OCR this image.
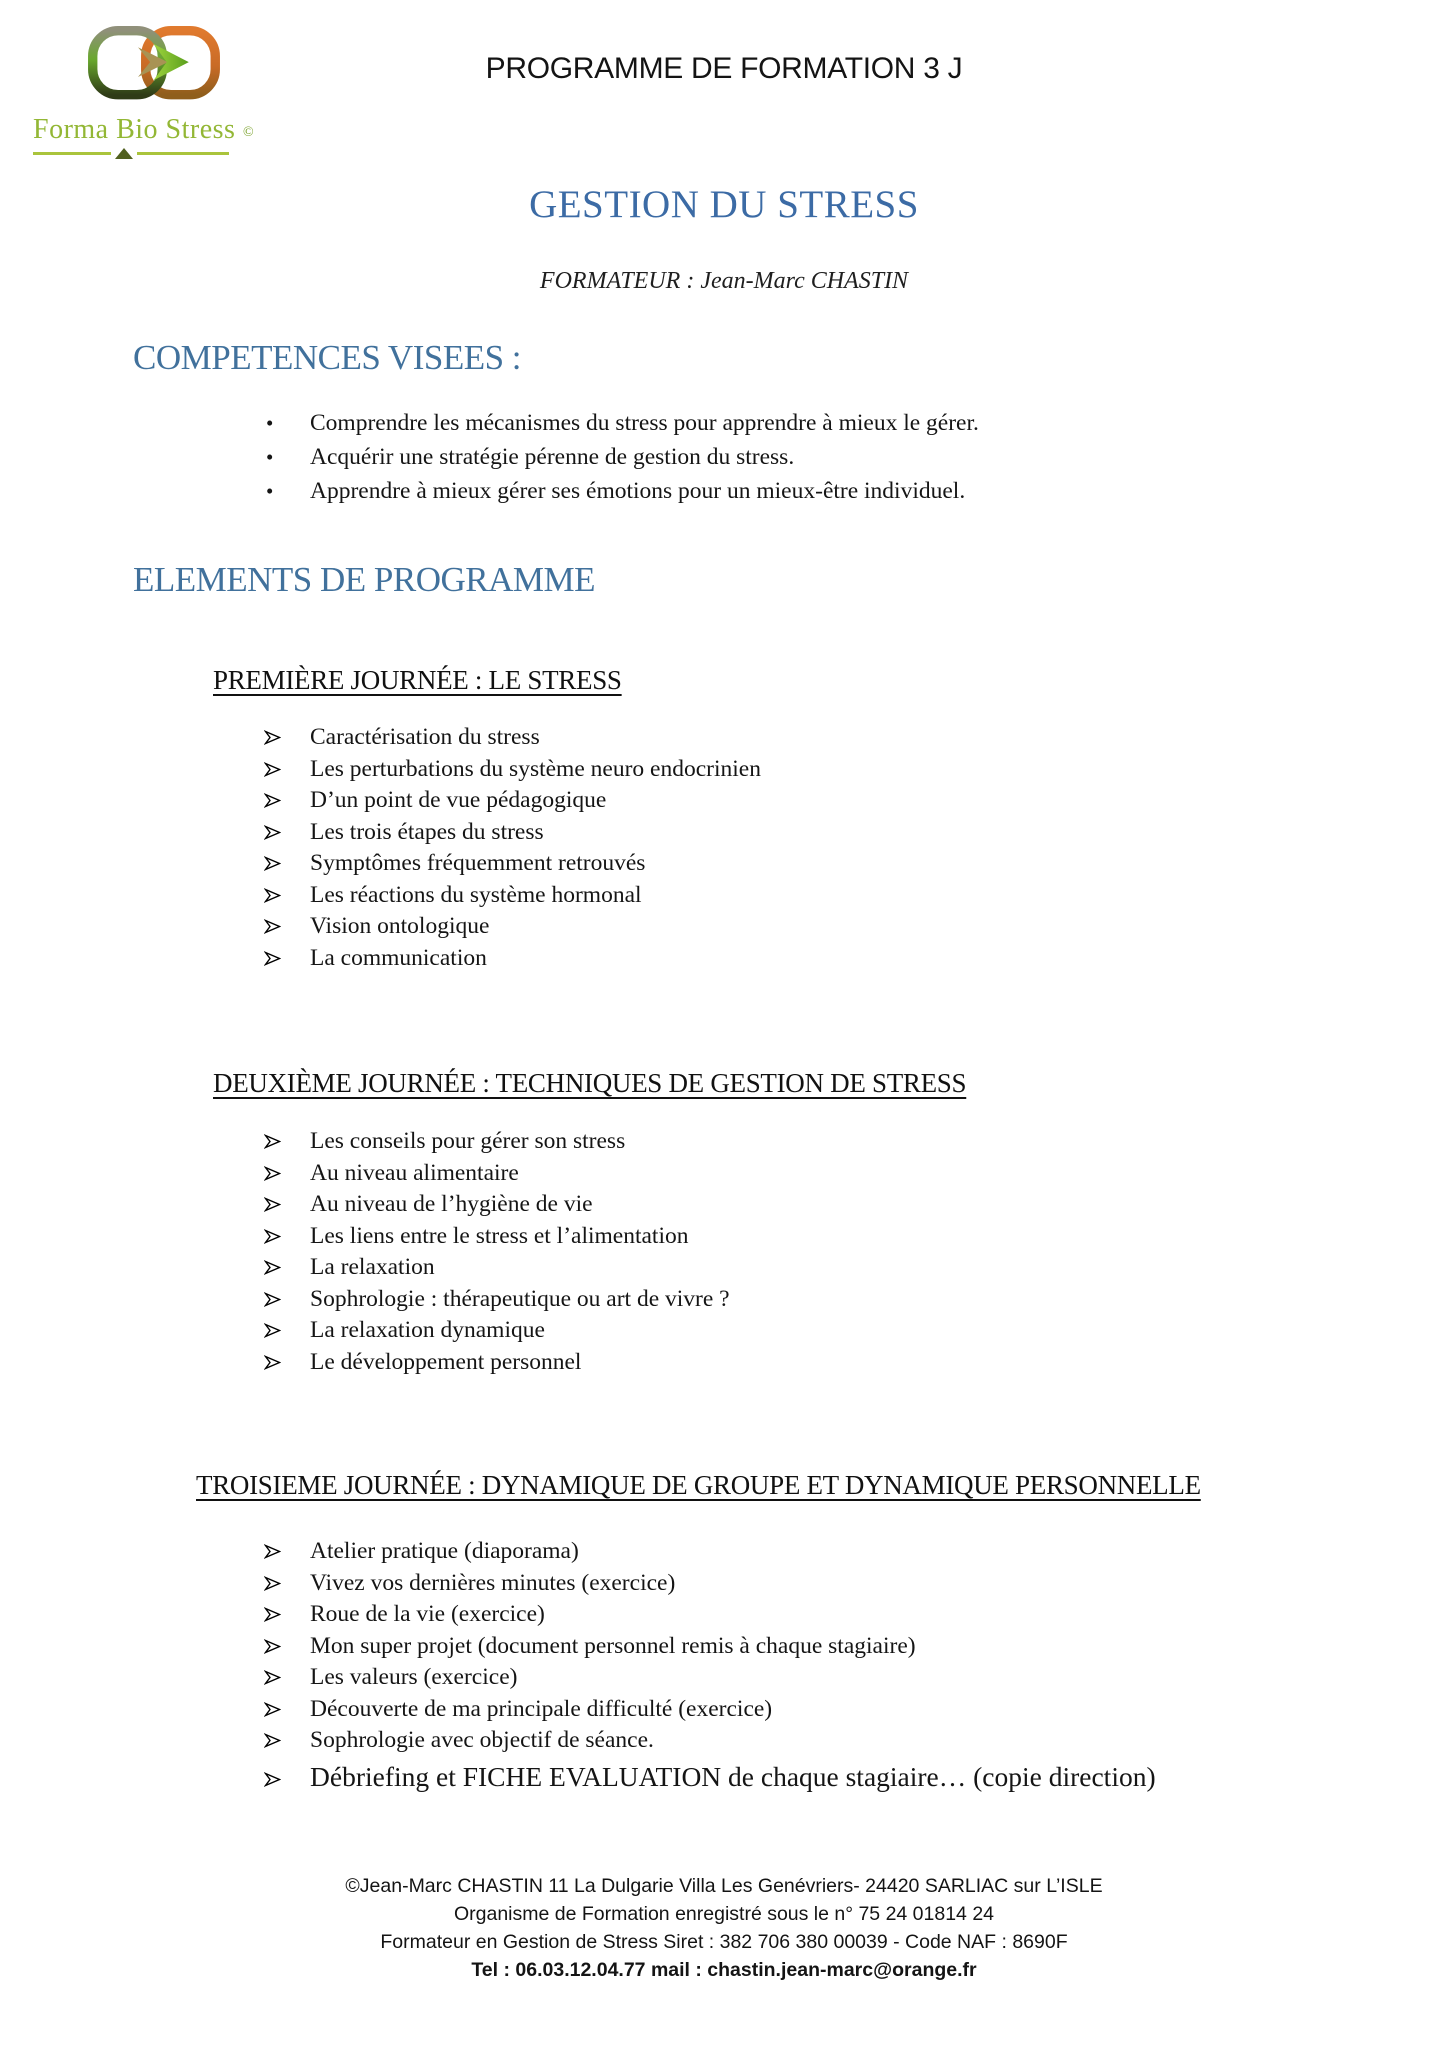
Forma Bio Stress ©
PROGRAMME DE FORMATION 3 J
GESTION DU STRESS
FORMATEUR : Jean-Marc CHASTIN
COMPETENCES VISEES :
•	Comprendre les mécanismes du stress pour apprendre à mieux le gérer.
•	Acquérir une stratégie pérenne de gestion du stress.
•	Apprendre à mieux gérer ses émotions pour un mieux-être individuel.
ELEMENTS DE PROGRAMME
PREMIÈRE JOURNÉE : LE STRESS
Caractérisation du stress
Les perturbations du système neuro endocrinien
D’un point de vue pédagogique
Les trois étapes du stress
Symptômes fréquemment retrouvés
Les réactions du système hormonal
Vision ontologique
La communication
DEUXIÈME JOURNÉE : TECHNIQUES DE GESTION DE STRESS
Les conseils pour gérer son stress
Au niveau alimentaire
Au niveau de l’hygiène de vie
Les liens entre le stress et l’alimentation
La relaxation
Sophrologie : thérapeutique ou art de vivre ?
La relaxation dynamique
Le développement personnel
TROISIEME JOURNÉE : DYNAMIQUE DE GROUPE ET DYNAMIQUE PERSONNELLE
Atelier pratique (diaporama)
Vivez vos dernières minutes (exercice)
Roue de la vie (exercice)
Mon super projet (document personnel remis à chaque stagiaire)
Les valeurs (exercice)
Découverte de ma principale difficulté (exercice)
Sophrologie avec objectif de séance.
Débriefing et FICHE EVALUATION de chaque stagiaire… (copie direction)
©Jean-Marc CHASTIN 11 La Dulgarie Villa Les Genévriers- 24420 SARLIAC sur L’ISLE
Organisme de Formation enregistré sous le n° 75 24 01814 24
Formateur en Gestion de Stress Siret : 382 706 380 00039 - Code NAF : 8690F
Tel : 06.03.12.04.77 mail : chastin.jean-marc@orange.fr
